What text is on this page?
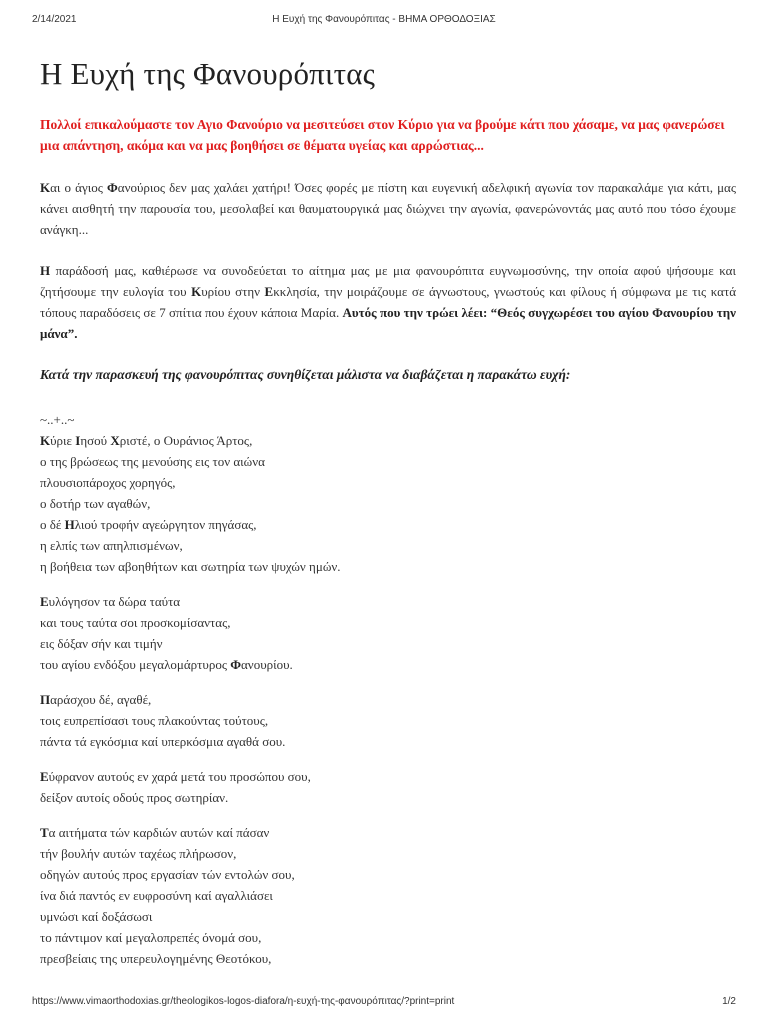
2/14/2021	Η Ευχή της Φανουρόπιτας - ΒΗΜΑ ΟΡΘΟΔΟΞΙΑΣ
Η Ευχή της Φανουρόπιτας

Πολλοί επικαλούμαστε τον Αγιο Φανούριο να μεσιτεύσει στον Κύριο για να βρούμε κάτι που χάσαμε, να μας φανερώσει μια απάντηση, ακόμα και να μας βοηθήσει σε θέματα υγείας και αρρώστιας...

Και ο άγιος Φανούριος δεν μας χαλάει χατήρι! Όσες φορές με πίστη και ευγενική αδελφική αγωνία τον παρακαλάμε για κάτι, μας κάνει αισθητή την παρουσία του, μεσολαβεί και θαυματουργικά μας διώχνει την αγωνία, φανερώνοντάς μας αυτό που τόσο έχουμε ανάγκη...

Η παράδοσή μας, καθιέρωσε να συνοδεύεται το αίτημα μας με μια φανουρόπιτα ευγνωμοσύνης, την οποία αφού ψήσουμε και ζητήσουμε την ευλογία του Κυρίου στην Εκκλησία, την μοιράζουμε σε άγνωστους, γνωστούς και φίλους ή σύμφωνα με τις κατά τόπους παραδόσεις σε 7 σπίτια που έχουν κάποια Μαρία. Αυτός που την τρώει λέει: “Θεός συγχωρέσει του αγίου Φανουρίου την μάνα”.

Κατά την παρασκευή της φανουρόπιτας συνηθίζεται μάλιστα να διαβάζεται η παρακάτω ευχή:

~..+..~
Κύριε Ιησού Χριστέ, ο Ουράνιος Άρτος,
ο της βρώσεως της μενούσης εις τον αιώνα
πλουσιοπάροχος χορηγός,
ο δοτήρ των αγαθών,
ο δέ Ηλιού τροφήν αγεώργητον πηγάσας,
η ελπίς των απηλπισμένων,
η βοήθεια των αβοηθήτων και σωτηρία των ψυχών ημών.
Ευλόγησον τα δώρα ταύτα
και τους ταύτα σοι προσκομίσαντας,
εις δόξαν σήν και τιμήν
του αγίου ενδόξου μεγαλομάρτυρος Φανουρίου.
Παράσχου δέ, αγαθέ,
τοις ευπρεπίσασι τους πλακούντας τούτους,
πάντα τά εγκόσμια καί υπερκόσμια αγαθά σου.
Εύφρανον αυτούς εν χαρά μετά του προσώπου σου,
δείξον αυτοίς οδούς προς σωτηρίαν.
Τα αιτήματα τών καρδιών αυτών καί πάσαν
τήν βουλήν αυτών ταχέως πλήρωσον,
οδηγών αυτούς προς εργασίαν τών εντολών σου,
ίνα διά παντός εν ευφροσύνη καί αγαλλιάσει
υμνώσι καί δοξάσωσι
το πάντιμον καί μεγαλοπρεπές όνομά σου,
πρεσβείαις της υπερευλογημένης Θεοτόκου,
https://www.vimaorthodoxias.gr/theologikos-logos-diafora/η-ευχή-της-φανουρόπιτας/?print=print	1/2
